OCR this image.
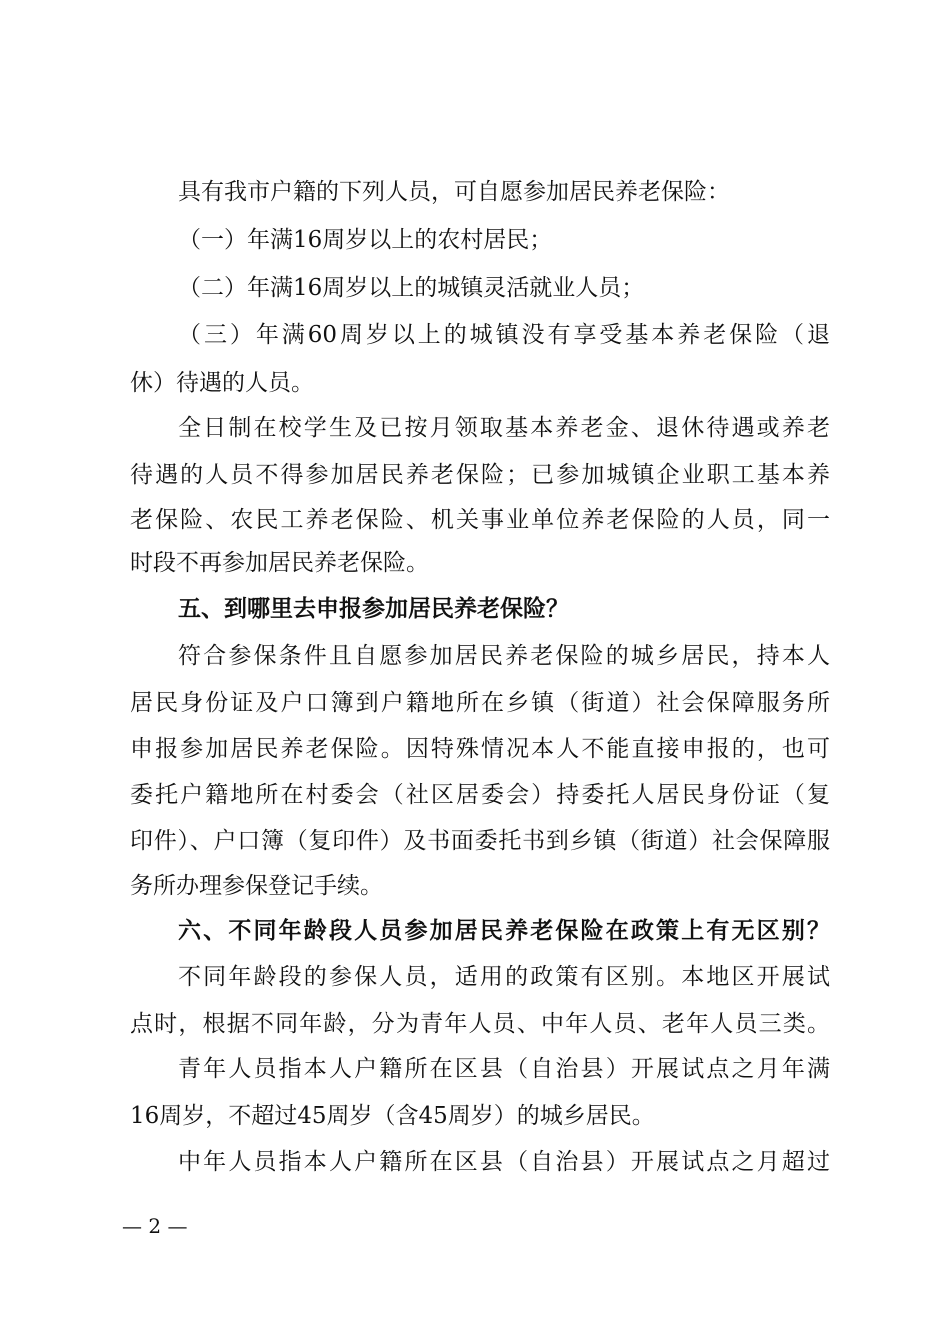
具有我市户籍的下列人员，可自愿参加居民养老保险：
（一）年满16周岁以上的农村居民；
（二）年满16周岁以上的城镇灵活就业人员；
（三）年满60周岁以上的城镇没有享受基本养老保险（退
休）待遇的人员。
全日制在校学生及已按月领取基本养老金、退休待遇或养老
待遇的人员不得参加居民养老保险；已参加城镇企业职工基本养
老保险、农民工养老保险、机关事业单位养老保险的人员，同一
时段不再参加居民养老保险。
五、到哪里去申报参加居民养老保险？
符合参保条件且自愿参加居民养老保险的城乡居民，持本人
居民身份证及户口簿到户籍地所在乡镇（街道）社会保障服务所
申报参加居民养老保险。因特殊情况本人不能直接申报的，也可
委托户籍地所在村委会（社区居委会）持委托人居民身份证（复
印件）、户口簿（复印件）及书面委托书到乡镇（街道）社会保障服
务所办理参保登记手续。
六、不同年龄段人员参加居民养老保险在政策上有无区别？
不同年龄段的参保人员，适用的政策有区别。本地区开展试
点时，根据不同年龄，分为青年人员、中年人员、老年人员三类。
青年人员指本人户籍所在区县（自治县）开展试点之月年满
16周岁，不超过45周岁（含45周岁）的城乡居民。
中年人员指本人户籍所在区县（自治县）开展试点之月超过
— 2 —
